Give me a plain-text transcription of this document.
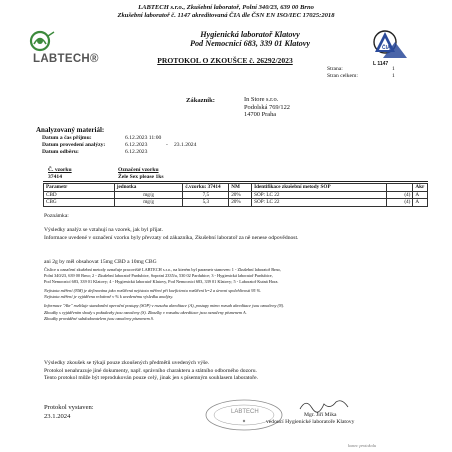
LABTECH s.r.o., Zkušební laboratoř, Polní 340/23, 639 00 Brno
Zkušební laboratoř č. 1147 akreditovaná ČIA dle ČSN EN ISO/IEC 17025:2018
LABTECH®
Hygienická laboratoř Klatovy
Pod Nemocnicí 683, 339 01 Klatovy
PROTOKOL O ZKOUŠCE č. 26292/2023
ČIA
L 1147
Strana:	1
Stran celkem:	1
Zákazník:	In Store s.r.o.
Podolská 769/122
14700 Praha
Analyzovaný materiál:
Datum a čas příjmu:	6.12.2023 11:00
Datum provedení analýzy:	6.12.2023	- 23.1.2024
Datum odběru:	6.12.2023
Č. vzorku	Označení vzorku
37414	Žele Sex please 1ks
Parametr	jednotka	č.vzorku: 37414	NM	Identifikace zkušební metody SOP		Akr
CBD	mg/g	7,5	20%	SOP: LC 22	(4)	A
CBG	mg/g	5,3	20%	SOP: LC 22	(4)	A
Poznámka:
Výsledky analýz se vztahují na vzorek, jak byl přijat.
Informace uvedené v označení vzorku byly převzaty od zákazníka, Zkušební laboratoř za ně nenese odpovědnost.
ani 2g by měl obsahovat 15mg CBD a 10mg CBG
Číslice u označení zkušební metody označuje pracoviště LABTECH s.r.o., na kterém byl parametr stanoven: 1 - Zkušební laboratoř Brno,
Polní 340/23, 639 00 Brno; 2 - Zkušební laboratoř Pardubice, Sopotní 2335/a, 530 02 Pardubice; 3 - Hygienická laboratoř Pardubice,
Pod Nemocnicí 683, 339 01 Klatovy; 4 - Hygienická laboratoř Klatovy, Pod Nemocnicí 683, 339 01 Klatovy; 5 - Laboratoř Kutná Hora.
Nejistota měření (NM) je definována jako rozšířená nejistota měření při koeficientu rozšíření k=2 a úrovni spolehlivosti 95 %.
Nejistota měření je vyjádřena relativně v % k uvedenému výsledku analýzy.
Informace "Akr" rozlišuje standardní operační postupy (SOP) v rozsahu akreditace (A), postupy mimo rozsah akreditace jsou označeny (N).
Zkoušky s vyjádřením shody s požadavky jsou označeny (S). Zkoušky v rozsahu akreditace jsou označeny písmenem A.
Zkoušky prováděné subdodavatelem jsou označeny písmenem S.
Výsledky zkoušek se týkají pouze zkoušených předmětů uvedených výše.
Protokol nenahrazuje jiné dokumenty, např. správního charakteru a státního odborného dozoru.
Tento protokol může být reprodukován pouze celý, jinak jen s písemným souhlasem laboratoře.
Protokol vystaven:
23.1.2024
LABTECH	Mgr. Jiří Mika
vedoucí Hygienické laboratoře Klatovy
konec protokolu
